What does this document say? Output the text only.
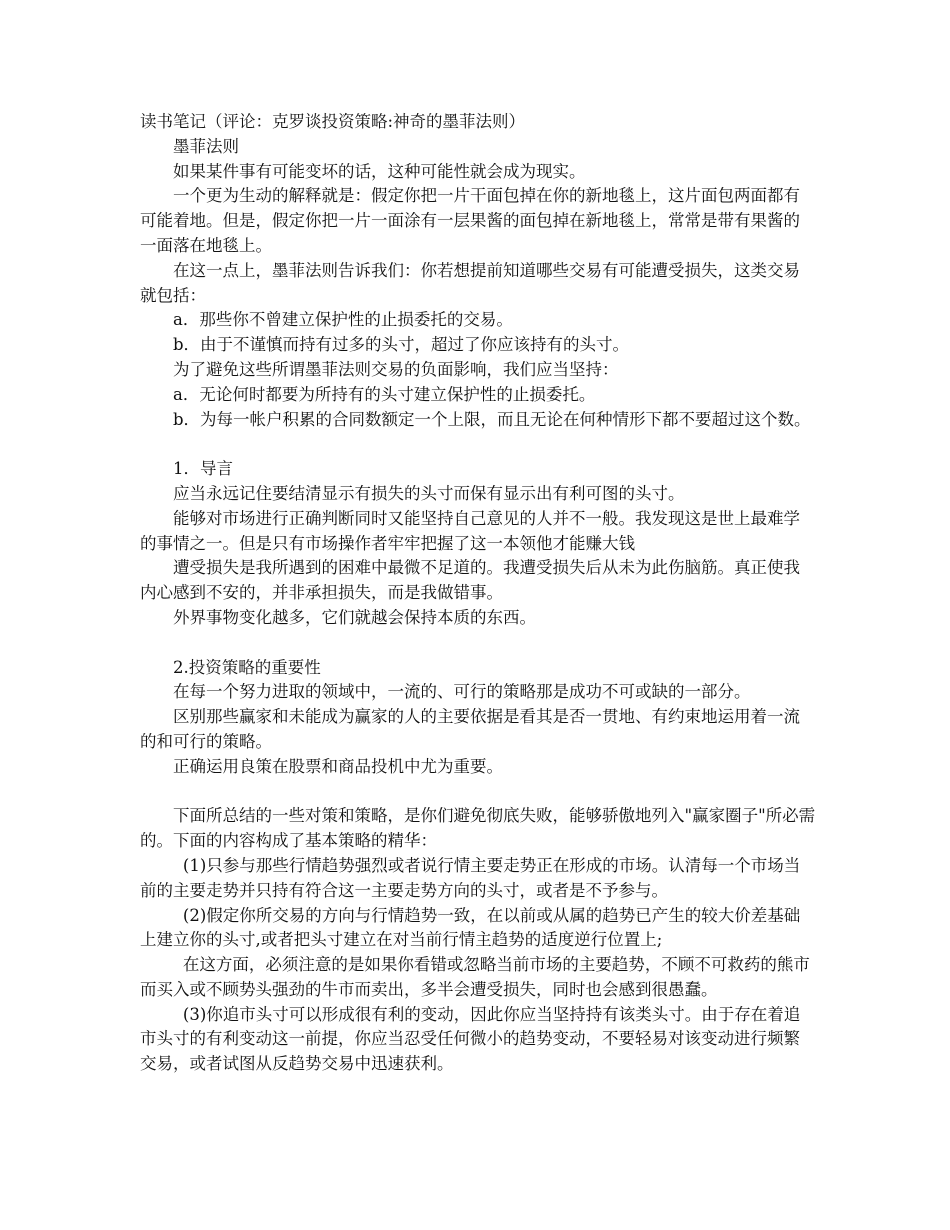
读书笔记（评论：克罗谈投资策略:神奇的墨菲法则）

墨菲法则

如果某件事有可能变坏的话，这种可能性就会成为现实。

一个更为生动的解释就是：假定你把一片干面包掉在你的新地毯上，这片面包两面都有可能着地。但是，假定你把一片一面涂有一层果酱的面包掉在新地毯上，常常是带有果酱的一面落在地毯上。

在这一点上，墨菲法则告诉我们：你若想提前知道哪些交易有可能遭受损失，这类交易就包括：

a．那些你不曾建立保护性的止损委托的交易。

b．由于不谨慎而持有过多的头寸，超过了你应该持有的头寸。

为了避免这些所谓墨菲法则交易的负面影响，我们应当坚持：

a．无论何时都要为所持有的头寸建立保护性的止损委托。

b．为每一帐户积累的合同数额定一个上限，而且无论在何种情形下都不要超过这个数。

1．导言

应当永远记住要结清显示有损失的头寸而保有显示出有利可图的头寸。

能够对市场进行正确判断同时又能坚持自己意见的人并不一般。我发现这是世上最难学的事情之一。但是只有市场操作者牢牢把握了这一本领他才能赚大钱

遭受损失是我所遇到的困难中最微不足道的。我遭受损失后从未为此伤脑筋。真正使我内心感到不安的，并非承担损失，而是我做错事。

外界事物变化越多，它们就越会保持本质的东西。

2.投资策略的重要性

在每一个努力进取的领域中，一流的、可行的策略那是成功不可或缺的一部分。

区别那些赢家和未能成为赢家的人的主要依据是看其是否一贯地、有约束地运用着一流的和可行的策略。

正确运用良策在股票和商品投机中尤为重要。

下面所总结的一些对策和策略，是你们避免彻底失败，能够骄傲地列入"赢家圈子"所必需的。下面的内容构成了基本策略的精华：

(1)只参与那些行情趋势强烈或者说行情主要走势正在形成的市场。认清每一个市场当前的主要走势并只持有符合这一主要走势方向的头寸，或者是不予参与。

(2)假定你所交易的方向与行情趋势一致，在以前或从属的趋势已产生的较大价差基础上建立你的头寸,或者把头寸建立在对当前行情主趋势的适度逆行位置上;

在这方面，必须注意的是如果你看错或忽略当前市场的主要趋势，不顾不可救药的熊市而买入或不顾势头强劲的牛市而卖出，多半会遭受损失，同时也会感到很愚蠢。

(3)你追市头寸可以形成很有利的变动，因此你应当坚持持有该类头寸。由于存在着追市头寸的有利变动这一前提，你应当忍受任何微小的趋势变动，不要轻易对该变动进行频繁交易，或者试图从反趋势交易中迅速获利。
